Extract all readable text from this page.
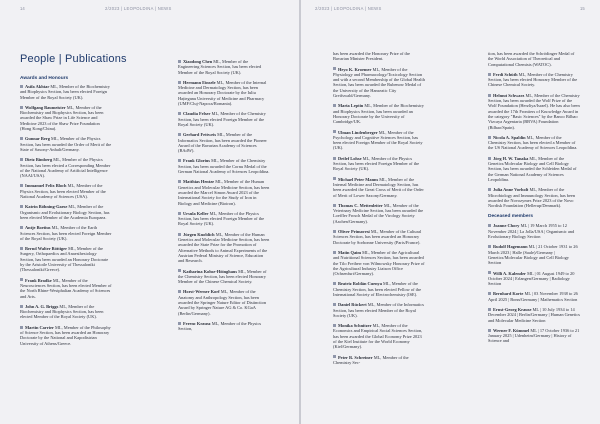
14	2/2023 | LEOPOLDINA | NEWS
People | Publications
Awards and Honours
Asifa Akhtar ML, Member of the Biochemistry and Biophysics Section, has been elected Foreign Member of the Royal Society (UK).
Wolfgang Baumeister ML, Member of the Biochemistry and Biophysics Section, has been awarded the Shaw Prize in Life Science and Medicine 2023 of the Shaw Prize Foundation (Hong Kong/China).
Gunnar Berg ML, Member of the Physics Section, has been awarded the Order of Merit of the State of Saxony-Anhalt/Germany.
Dietz Bimberg ML, Member of the Physics Section, has been elected a Corresponding Member of the National Academy of Artificial Intelligence (NAAI/USA).
Immanuel Felix Bloch ML, Member of the Physics Section, has been elected Member of the National Academy of Sciences (USA).
Katrin Böhning-Gaese ML, Member of the Organismic and Evolutionary Biology Section, has been elected Member of the Academia Europaea.
Antje Boetius ML, Member of the Earth Sciences Section, has been elected Foreign Member of the Royal Society (UK).
Bernd Walter Böttiger ML, Member of the Surgery, Orthopaedics and Anaesthesiology Section, has been awarded an Honorary Doctorate by the Aristotle University of Thessaloniki (Thessaloniki/Greece).
Frank Bradke ML, Member of the Neurosciences Section, has been elected Member of the North Rhine-Westphalian Academy of Sciences and Arts.
John A. G. Briggs ML, Member of the Biochemistry and Biophysics Section, has been elected Member of the Royal Society (UK).
Martin Carrier ML, Member of the Philosophy of Science Section, has been awarded an Honorary Doctorate by the National and Kapodistrian University of Athens/Greece.
Xiaodong Chen ML, Member of the Engineering Sciences Section, has been elected Member of the Royal Society (UK).
Hermann Einsele ML, Member of the Internal Medicine and Dermatology Section, has been awarded an Honorary Doctorate by the Iuliu Hațieganu University of Medicine and Pharmacy (UMF/Cluj-Napoca/Romania).
Claudia Felser ML, Member of the Chemistry Section, has been elected Foreign Member of the Royal Society (UK).
Gerhard Fettweis ML, Member of the Informatics Section, has been awarded the Pioneer Award of the Bavarian Academy of Sciences (BAdW).
Frank Glorius ML, Member of the Chemistry Section, has been awarded the Cornu Medal of the German National Academy of Sciences Leopoldina.
Matthias Hentze ML, Member of the Human Genetics and Molecular Medicine Section, has been awarded the Marcel Simon Award 2023 of the International Society for the Study of Iron in Biology and Medicine (Bioiron).
Ursula Keller ML, Member of the Physics Section, has been elected Foreign Member of the Royal Society (UK).
Jürgen Knoblich ML, Member of the Human Genetics and Molecular Medicine Section, has been awarded the State Prize for the Promotion of Alternative Methods to Animal Experiments of the Austrian Federal Ministry of Science, Education and Research.
Katharina Kohse-Höinghaus ML, Member of the Chemistry Section, has been elected Honorary Member of the Chinese Chemical Society.
Horst-Werner Korf ML, Member of the Anatomy and Anthropology Section, has been awarded the Springer Nature Editor of Distinction Award by Springer Nature AG & Co. KGaA (Berlin/Germany).
Ferenc Krausz ML, Member of the Physics Section,
2/2023 | LEOPOLDINA | NEWS	15
has been awarded the Honorary Prize of the Bavarian Minister President.
Heyo K. Kroemer ML, Member of the Physiology and Pharmacology/Toxicology Section and with a second Membership of the Global Health Section, has been awarded the Rubenow Medal of the University of the Hanseatic City Greifswald/Germany.
Maria Leptin ML, Member of the Biochemistry and Biophysics Section, has been awarded an Honorary Doctorate by the University of Cambridge/UK.
Ulman Lindenberger ML, Member of the Psychology and Cognitive Sciences Section, has been elected Foreign Member of the Royal Society (UK).
Detlef Lohse ML, Member of the Physics Section, has been elected Foreign Member of the Royal Society (UK).
Michael Peter Manns ML, Member of the Internal Medicine and Dermatology Section, has been awarded the Great Cross of Merit of the Order of Merit of Lower Saxony/Germany.
Thomas C. Mettenleiter ML, Member of the Veterinary Medicine Section, has been awarded the Loeffler Frosch Medal of the Virology Society (Aachen/Germany).
Oliver Primavesi ML, Member of the Cultural Sciences Section, has been awarded an Honorary Doctorate by Sorbonne University (Paris/France).
Matin Qaim ML, Member of the Agricultural and Nutritional Sciences Section, has been awarded the Tilo Freiherr von Wilmowsky Honorary Prize of the Agricultural Industry Liaison Office (Ochsenfurt/Germany).
Beatriz Roldán Cuenya ML, Member of the Chemistry Section, has been elected Fellow of the International Society of Electrochemistry (ISE).
Daniel Rückert ML, Member of the Informatics Section, has been elected Member of the Royal Society (UK).
Monika Schnitzer ML, Member of the Economics and Empirical Social Sciences Section, has been awarded the Global Economy Prize 2023 of the Kiel Institute for the World Economy (Kiel/Germany).
Peter R. Schreiner ML, Member of the Chemistry Sec-
tion, has been awarded the Schrödinger Medal of the World Association of Theoretical and Computational Chemists (WATOC).
Ferdi Schüth ML, Member of the Chemistry Section, has been elected Honorary Member of the Chinese Chemical Society.
Helmut Schwarz ML, Member of the Chemistry Section, has been awarded the Wolf Prize of the Wolf Foundation (Herzliya/Israel). He has also been awarded the 17th Frontiers of Knowledge Award in the category "Basic Sciences" by the Banco Bilbao Vizcaya Argentaria (BBVA) Foundation (Bilbao/Spain).
Nicola A. Spaldin ML, Member of the Chemistry Section, has been elected a Member of the US National Academy of Sciences Leopoldina.
Jörg H. W. Tanaka ML, Member of the Genetics/Molecular Biology and Cell Biology Section, has been awarded the Schleiden Medal of the German National Academy of Sciences Leopoldina.
Julia Anne Vorholt ML, Member of the Microbiology and Immunology Section, has been awarded the Novozymes Prize 2023 of the Novo Nordisk Foundation (Hellerup/Denmark).
Deceased members
Joanne Chory ML | 19 March 1955 to 12 November 2024 | La Jolla/USA | Organismic and Evolutionary Biology Section
Rudolf Hagemann ML | 21 October 1931 to 26 March 2023 | Halle (Saale)/Germany | Genetics/Molecular Biology and Cell Biology Section
Willi A. Kalender ML | 01 August 1949 to 20 October 2024 | Erlangen/Germany | Radiology Section
Bernhard Korte ML | 03 November 1938 to 26 April 2025 | Bonn/Germany | Mathematics Section
Ernst-Georg Krause ML | 10 July 1934 to 14 December 2024 | Berlin/Germany | Human Genetics and Molecular Medicine Section
Werner F. Kümmel ML | 17 October 1936 to 21 January 2025 | Udenheim/Germany | History of Science and
